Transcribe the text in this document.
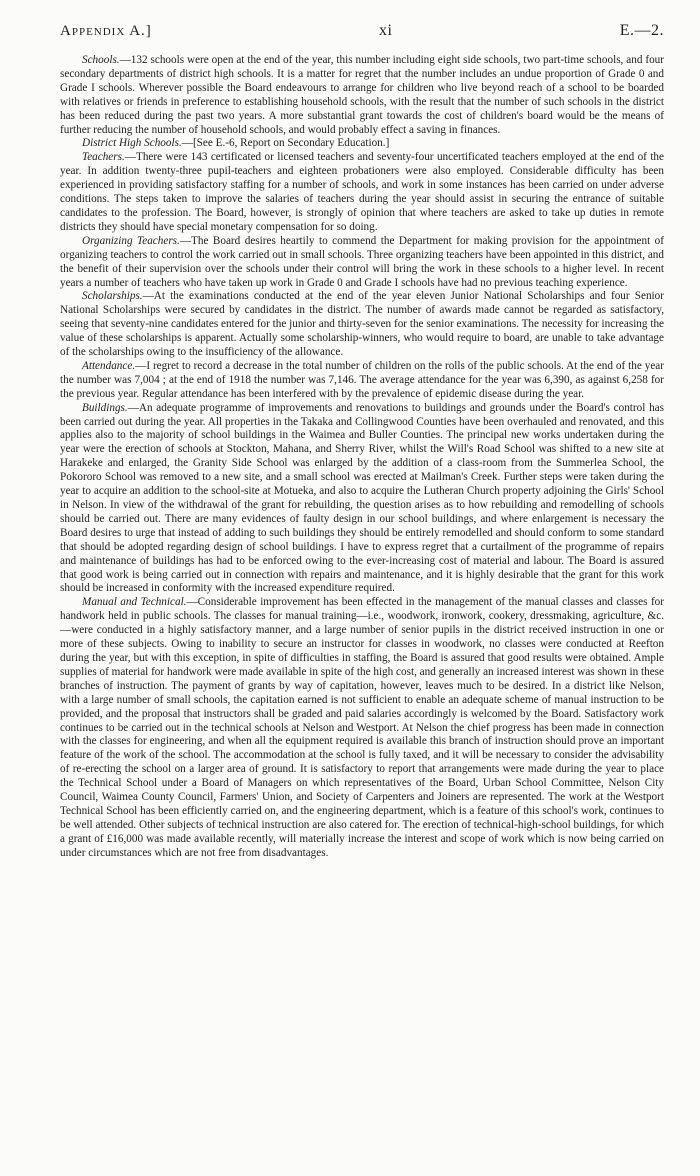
Appendix A.]	xi	E.—2.

Schools.—132 schools were open at the end of the year, this number including eight side schools, two part-time schools, and four secondary departments of district high schools. It is a matter for regret that the number includes an undue proportion of Grade 0 and Grade I schools. Wherever possible the Board endeavours to arrange for children who live beyond reach of a school to be boarded with relatives or friends in preference to establishing household schools, with the result that the number of such schools in the district has been reduced during the past two years. A more substantial grant towards the cost of children's board would be the means of further reducing the number of household schools, and would probably effect a saving in finances.

District High Schools.—[See E.-6, Report on Secondary Education.]

Teachers.—There were 143 certificated or licensed teachers and seventy-four uncertificated teachers employed at the end of the year. In addition twenty-three pupil-teachers and eighteen probationers were also employed. Considerable difficulty has been experienced in providing satisfactory staffing for a number of schools, and work in some instances has been carried on under adverse conditions. The steps taken to improve the salaries of teachers during the year should assist in securing the entrance of suitable candidates to the profession. The Board, however, is strongly of opinion that where teachers are asked to take up duties in remote districts they should have special monetary compensation for so doing.

Organizing Teachers.—The Board desires heartily to commend the Department for making provision for the appointment of organizing teachers to control the work carried out in small schools. Three organizing teachers have been appointed in this district, and the benefit of their supervision over the schools under their control will bring the work in these schools to a higher level. In recent years a number of teachers who have taken up work in Grade 0 and Grade I schools have had no previous teaching experience.

Scholarships.—At the examinations conducted at the end of the year eleven Junior National Scholarships and four Senior National Scholarships were secured by candidates in the district. The number of awards made cannot be regarded as satisfactory, seeing that seventy-nine candidates entered for the junior and thirty-seven for the senior examinations. The necessity for increasing the value of these scholarships is apparent. Actually some scholarship-winners, who would require to board, are unable to take advantage of the scholarships owing to the insufficiency of the allowance.

Attendance.—I regret to record a decrease in the total number of children on the rolls of the public schools. At the end of the year the number was 7,004 ; at the end of 1918 the number was 7,146. The average attendance for the year was 6,390, as against 6,258 for the previous year. Regular attendance has been interfered with by the prevalence of epidemic disease during the year.

Buildings.—An adequate programme of improvements and renovations to buildings and grounds under the Board's control has been carried out during the year. All properties in the Takaka and Collingwood Counties have been overhauled and renovated, and this applies also to the majority of school buildings in the Waimea and Buller Counties. The principal new works undertaken during the year were the erection of schools at Stockton, Mahana, and Sherry River, whilst the Will's Road School was shifted to a new site at Harakeke and enlarged, the Granity Side School was enlarged by the addition of a class-room from the Summerlea School, the Pokororo School was removed to a new site, and a small school was erected at Mailman's Creek. Further steps were taken during the year to acquire an addition to the school-site at Motueka, and also to acquire the Lutheran Church property adjoining the Girls' School in Nelson. In view of the withdrawal of the grant for rebuilding, the question arises as to how rebuilding and remodelling of schools should be carried out. There are many evidences of faulty design in our school buildings, and where enlargement is necessary the Board desires to urge that instead of adding to such buildings they should be entirely remodelled and should conform to some standard that should be adopted regarding design of school buildings. I have to express regret that a curtailment of the programme of repairs and maintenance of buildings has had to be enforced owing to the ever-increasing cost of material and labour. The Board is assured that good work is being carried out in connection with repairs and maintenance, and it is highly desirable that the grant for this work should be increased in conformity with the increased expenditure required.

Manual and Technical.—Considerable improvement has been effected in the management of the manual classes and classes for handwork held in public schools. The classes for manual training—i.e., woodwork, ironwork, cookery, dressmaking, agriculture, &c.—were conducted in a highly satisfactory manner, and a large number of senior pupils in the district received instruction in one or more of these subjects. Owing to inability to secure an instructor for classes in woodwork, no classes were conducted at Reefton during the year, but with this exception, in spite of difficulties in staffing, the Board is assured that good results were obtained. Ample supplies of material for handwork were made available in spite of the high cost, and generally an increased interest was shown in these branches of instruction. The payment of grants by way of capitation, however, leaves much to be desired. In a district like Nelson, with a large number of small schools, the capitation earned is not sufficient to enable an adequate scheme of manual instruction to be provided, and the proposal that instructors shall be graded and paid salaries accordingly is welcomed by the Board. Satisfactory work continues to be carried out in the technical schools at Nelson and Westport. At Nelson the chief progress has been made in connection with the classes for engineering, and when all the equipment required is available this branch of instruction should prove an important feature of the work of the school. The accommodation at the school is fully taxed, and it will be necessary to consider the advisability of re-erecting the school on a larger area of ground. It is satisfactory to report that arrangements were made during the year to place the Technical School under a Board of Managers on which representatives of the Board, Urban School Committee, Nelson City Council, Waimea County Council, Farmers' Union, and Society of Carpenters and Joiners are represented. The work at the Westport Technical School has been efficiently carried on, and the engineering department, which is a feature of this school's work, continues to be well attended. Other subjects of technical instruction are also catered for. The erection of technical-high-school buildings, for which a grant of £16,000 was made available recently, will materially increase the interest and scope of work which is now being carried on under circumstances which are not free from disadvantages.
